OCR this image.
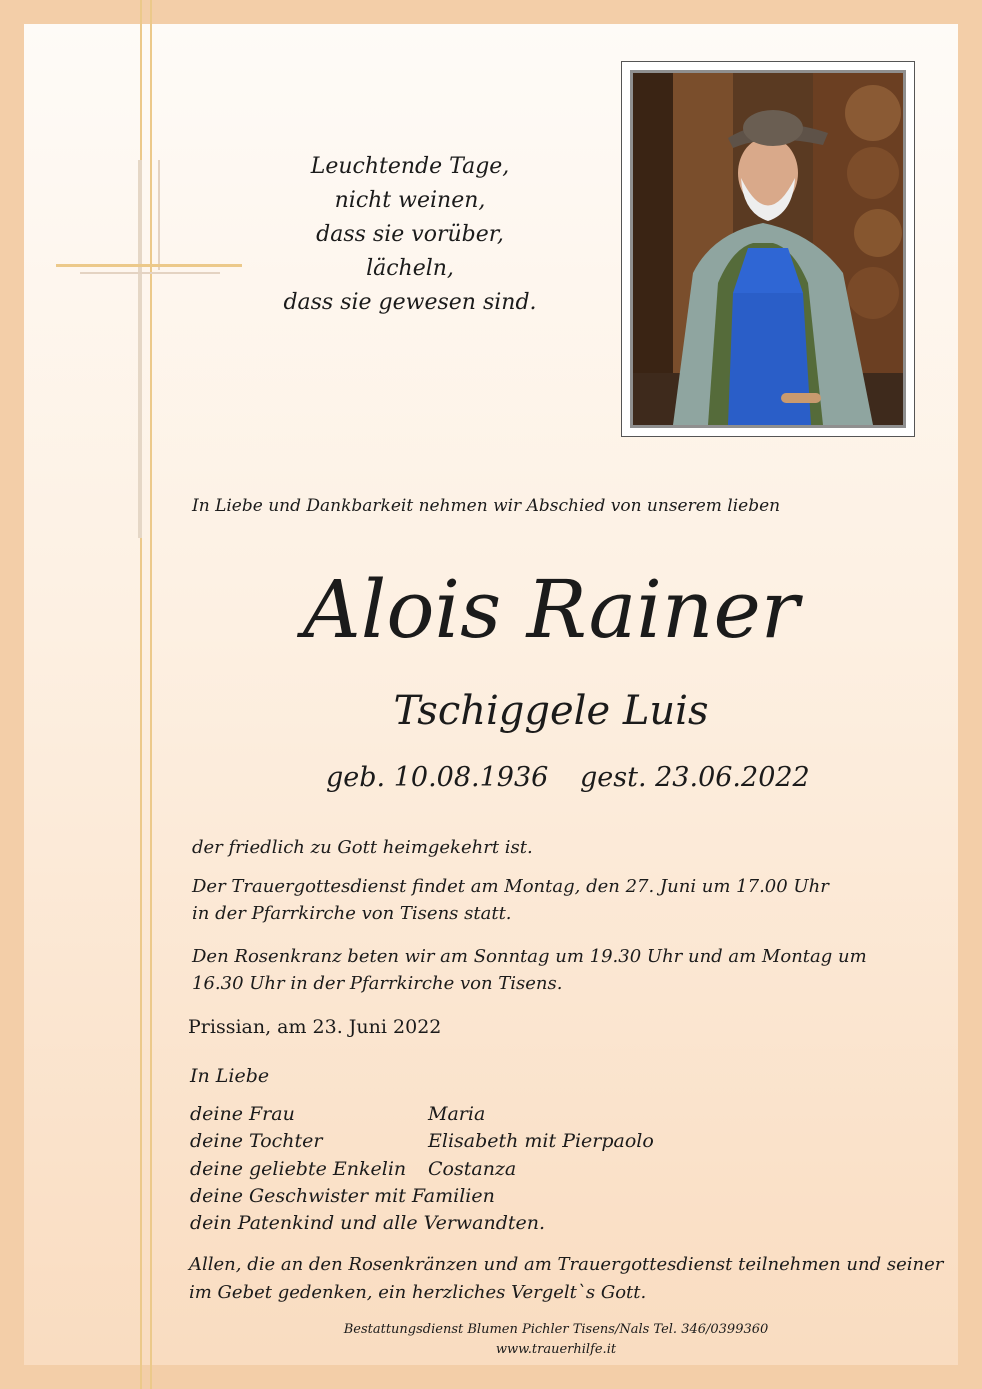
Leuchtende Tage,
nicht weinen,
dass sie vorüber,
lächeln,
dass sie gewesen sind.
In Liebe und Dankbarkeit nehmen wir Abschied von unserem lieben
Alois Rainer
Tschiggele Luis
geb. 10.08.1936 gest. 23.06.2022
der friedlich zu Gott heimgekehrt ist.
Der Trauergottesdienst findet am Montag, den 27. Juni um 17.00 Uhr
in der Pfarrkirche von Tisens statt.
Den Rosenkranz beten wir am Sonntag um 19.30 Uhr und am Montag um
16.30 Uhr in der Pfarrkirche von Tisens.
Prissian, am 23. Juni 2022
In Liebe
deine Frau	Maria
deine Tochter	Elisabeth mit Pierpaolo
deine geliebte Enkelin Costanza
deine Geschwister mit Familien
dein Patenkind und alle Verwandten.
Allen, die an den Rosenkränzen und am Trauergottesdienst teilnehmen und seiner
im Gebet gedenken, ein herzliches Vergelt`s Gott.
Bestattungsdienst Blumen Pichler Tisens/Nals Tel. 346/0399360
www.trauerhilfe.it
